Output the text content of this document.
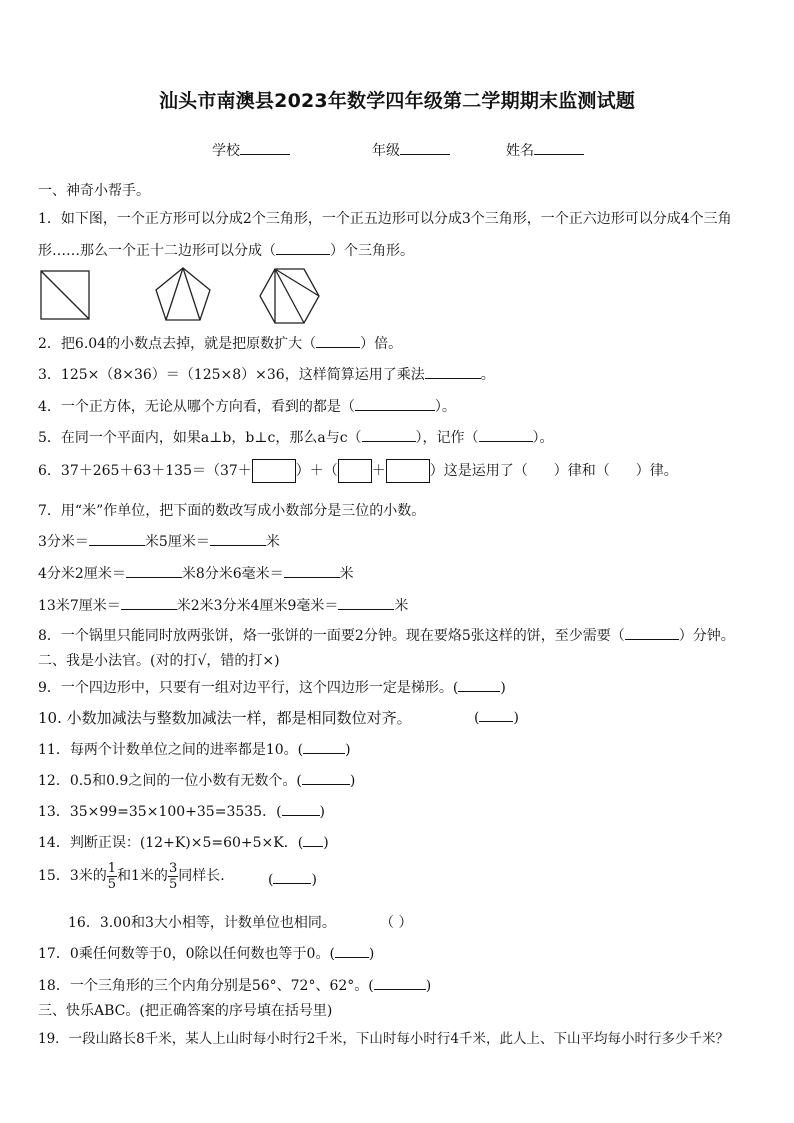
汕头市南澳县2023年数学四年级第二学期期末监测试题
学校	年级	姓名
一、神奇小帮手。
1．如下图，一个正方形可以分成2个三角形，一个正五边形可以分成3个三角形，一个正六边形可以分成4个三角
形……那么一个正十二边形可以分成（	）个三角形。
2．把6.04的小数点去掉，就是把原数扩大（	）倍。
3．125×（8×36）＝（125×8）×36，这样简算运用了乘法	。
4．一个正方体，无论从哪个方向看，看到的都是（	）。
5．在同一个平面内，如果a⊥b，b⊥c，那么a与c（	），记作（	）。
6．37＋265＋63＋135＝（37＋	）＋（ ＋	）这是运用了（ ）律和（ ）律。
7．用“米”作单位，把下面的数改写成小数部分是三位的小数。
3分米＝	米5厘米＝	米
4分米2厘米＝	米8分米6毫米＝	米
13米7厘米＝	米2米3分米4厘米9毫米＝	米
8．一个锅里只能同时放两张饼，烙一张饼的一面要2分钟。现在要烙5张这样的饼，至少需要（	）分钟。
二、我是小法官。(对的打√，错的打×)
9．一个四边形中，只要有一组对边平行，这个四边形一定是梯形。(	)
10. 小数加减法与整数加减法一样，都是相同数位对齐。	( )
11．每两个计数单位之间的进率都是10。(	)
12．0.5和0.9之间的一位小数有无数个。(	)
13．35×99=35×100+35=3535．(	)
14．判断正误：(12+K)×5=60+5×K．( )
15．3米的 $\frac{1}{5}$ 和1米的 $\frac{3}{5}$ 同样长.	(	)
16．3.00和3大小相等，计数单位也相同。	（ ）
17．0乘任何数等于0，0除以任何数也等于0。( )
18．一个三角形的三个内角分别是56°、72°、62°。(	)
三、快乐ABC。(把正确答案的序号填在括号里)
19．一段山路长8千米，某人上山时每小时行2千米，下山时每小时行4千米，此人上、下山平均每小时行多少千米？
